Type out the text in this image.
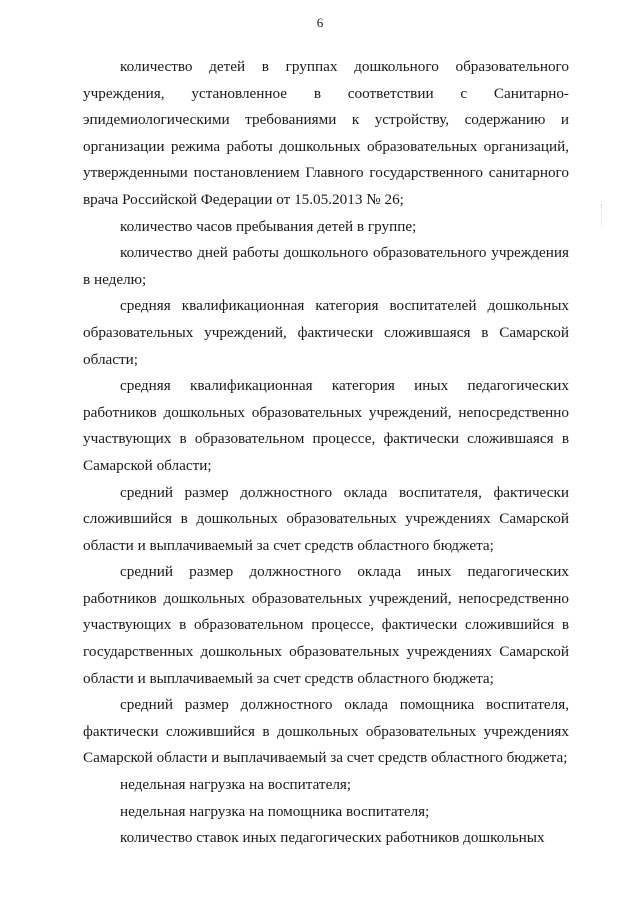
6

количество детей в группах дошкольного образовательного учреждения, установленное в соответствии с Санитарно-эпидемиологическими требованиями к устройству, содержанию и организации режима работы дошкольных образовательных организаций, утвержденными постановлением Главного государственного санитарного врача Российской Федерации от 15.05.2013 № 26;

количество часов пребывания детей в группе;

количество дней работы дошкольного образовательного учреждения в неделю;

средняя квалификационная категория воспитателей дошкольных образовательных учреждений, фактически сложившаяся в Самарской области;

средняя квалификационная категория иных педагогических работников дошкольных образовательных учреждений, непосредственно участвующих в образовательном процессе, фактически сложившаяся в Самарской области;

средний размер должностного оклада воспитателя, фактически сложившийся в дошкольных образовательных учреждениях Самарской области и выплачиваемый за счет средств областного бюджета;

средний размер должностного оклада иных педагогических работников дошкольных образовательных учреждений, непосредственно участвующих в образовательном процессе, фактически сложившийся в государственных дошкольных образовательных учреждениях Самарской области и выплачиваемый за счет средств областного бюджета;

средний размер должностного оклада помощника воспитателя, фактически сложившийся в дошкольных образовательных учреждениях Самарской области и выплачиваемый за счет средств областного бюджета;

недельная нагрузка на воспитателя;

недельная нагрузка на помощника воспитателя;

количество ставок иных педагогических работников дошкольных
